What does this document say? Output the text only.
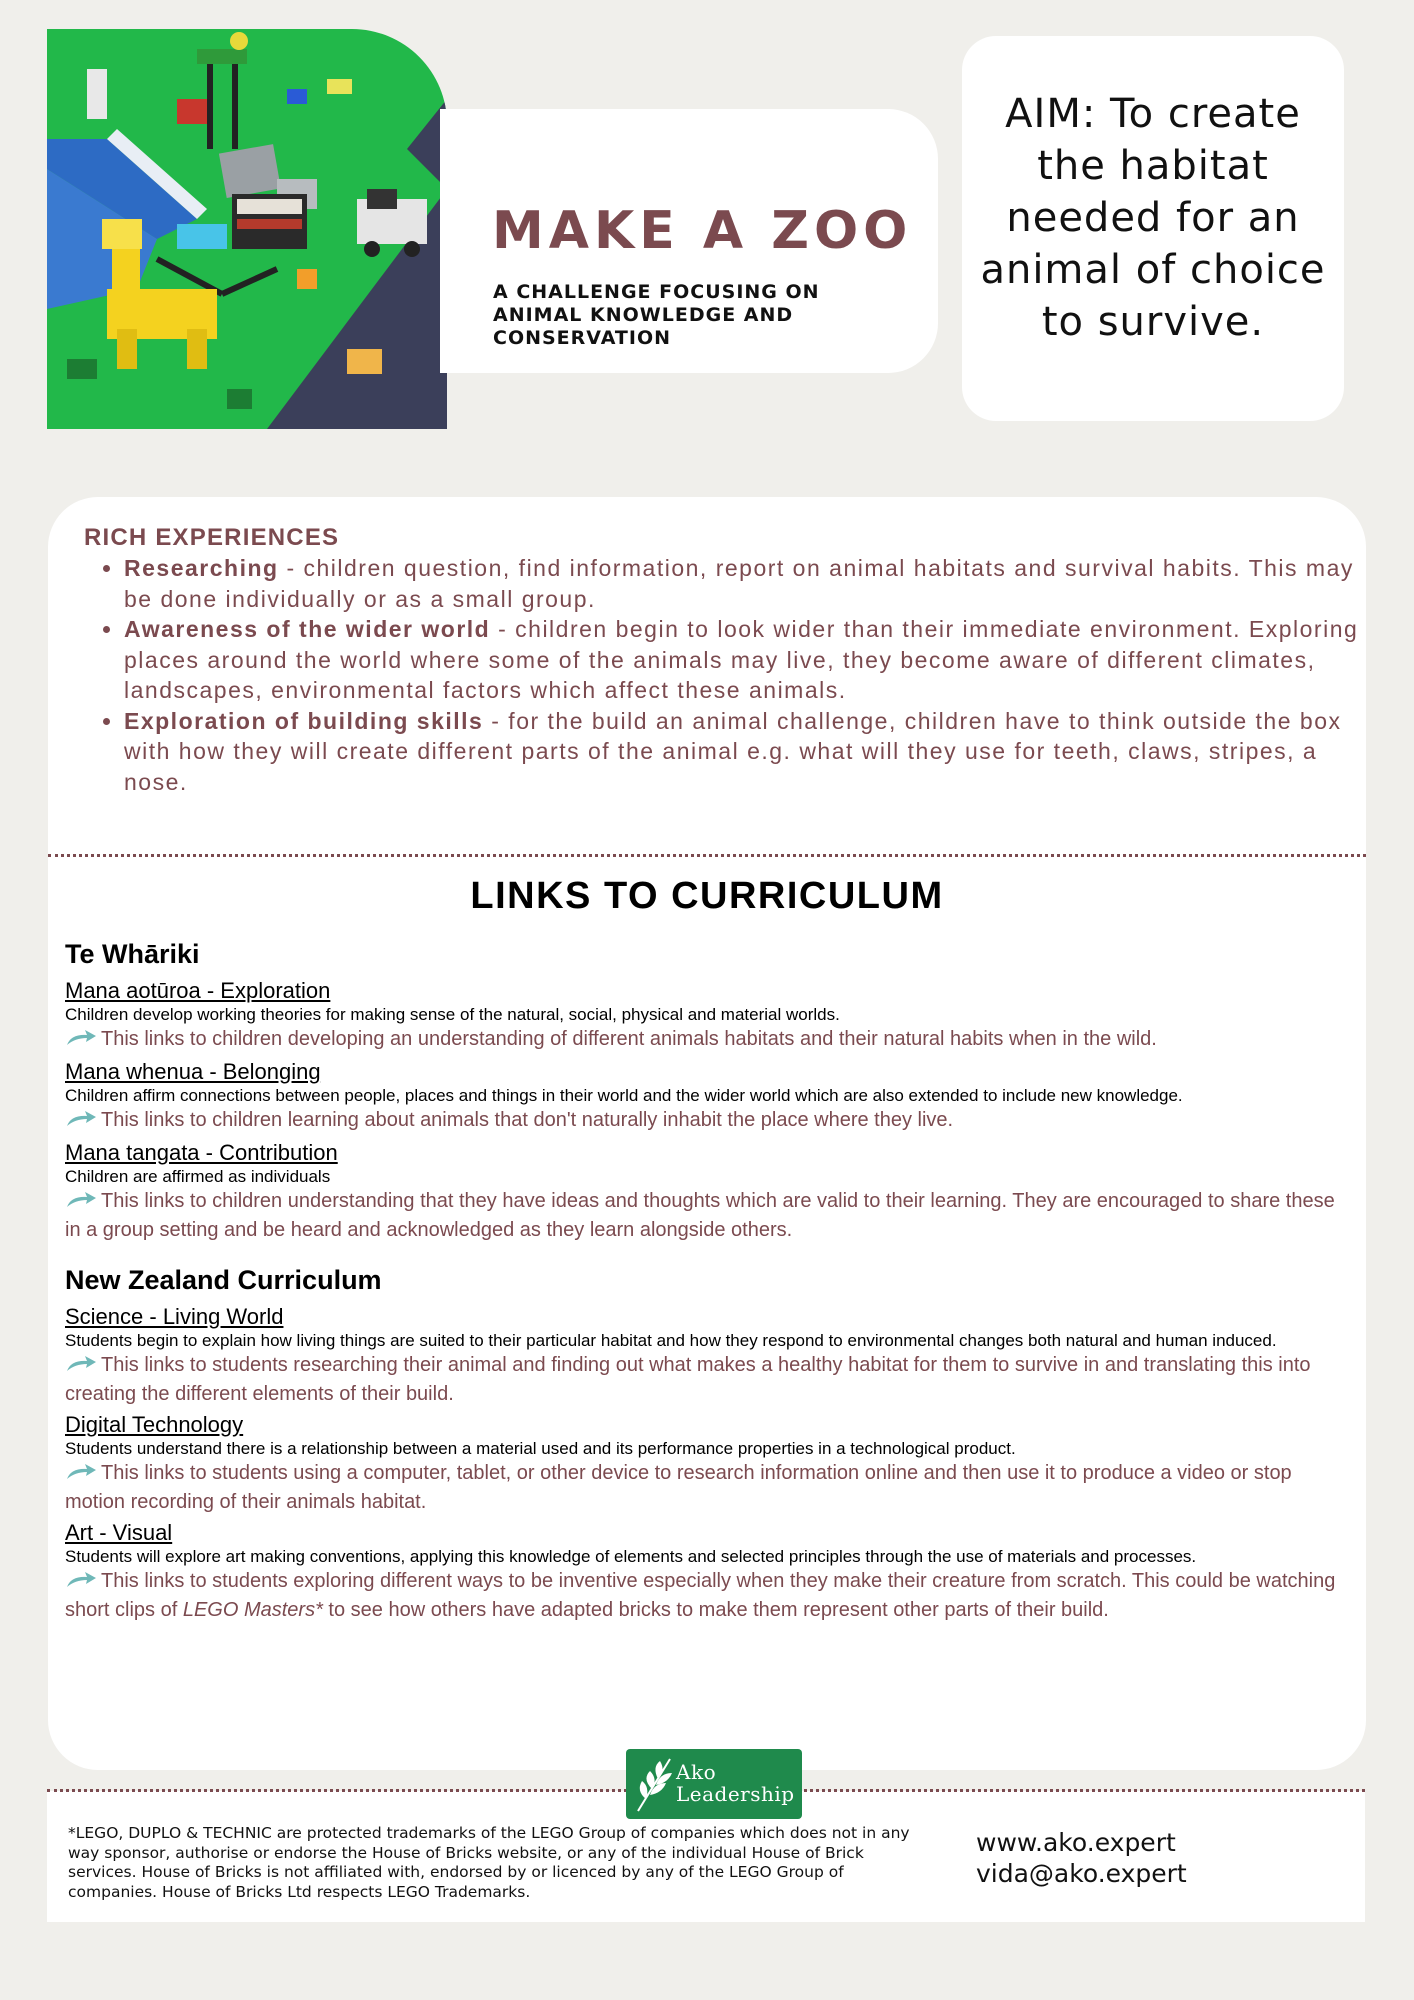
MAKE A ZOO
A CHALLENGE FOCUSING ON ANIMAL KNOWLEDGE AND CONSERVATION
AIM: To create the habitat needed for an animal of choice to survive.
RICH EXPERIENCES
• Researching - children question, find information, report on animal habitats and survival habits. This may be done individually or as a small group.
• Awareness of the wider world - children begin to look wider than their immediate environment. Exploring places around the world where some of the animals may live, they become aware of different climates, landscapes, environmental factors which affect these animals.
• Exploration of building skills - for the build an animal challenge, children have to think outside the box with how they will create different parts of the animal e.g. what will they use for teeth, claws, stripes, a nose.
LINKS TO CURRICULUM
Te Whāriki
Mana aotūroa - Exploration
Children develop working theories for making sense of the natural, social, physical and material worlds.
This links to children developing an understanding of different animals habitats and their natural habits when in the wild.
Mana whenua - Belonging
Children affirm connections between people, places and things in their world and the wider world which are also extended to include new knowledge.
This links to children learning about animals that don't naturally inhabit the place where they live.
Mana tangata - Contribution
Children are affirmed as individuals
This links to children understanding that they have ideas and thoughts which are valid to their learning. They are encouraged to share these in a group setting and be heard and acknowledged as they learn alongside others.
New Zealand Curriculum
Science - Living World
Students begin to explain how living things are suited to their particular habitat and how they respond to environmental changes both natural and human induced.
This links to students researching their animal and finding out what makes a healthy habitat for them to survive in and translating this into creating the different elements of their build.
Digital Technology
Students understand there is a relationship between a material used and its performance properties in a technological product.
This links to students using a computer, tablet, or other device to research information online and then use it to produce a video or stop motion recording of their animals habitat.
Art - Visual
Students will explore art making conventions, applying this knowledge of elements and selected principles through the use of materials and processes.
This links to students exploring different ways to be inventive especially when they make their creature from scratch. This could be watching short clips of LEGO Masters* to see how others have adapted bricks to make them represent other parts of their build.
*LEGO, DUPLO & TECHNIC are protected trademarks of the LEGO Group of companies which does not in any way sponsor, authorise or endorse the House of Bricks website, or any of the individual House of Brick services. House of Bricks is not affiliated with, endorsed by or licenced by any of the LEGO Group of companies. House of Bricks Ltd respects LEGO Trademarks.
www.ako.expert
vida@ako.expert
Ako
Leadership
